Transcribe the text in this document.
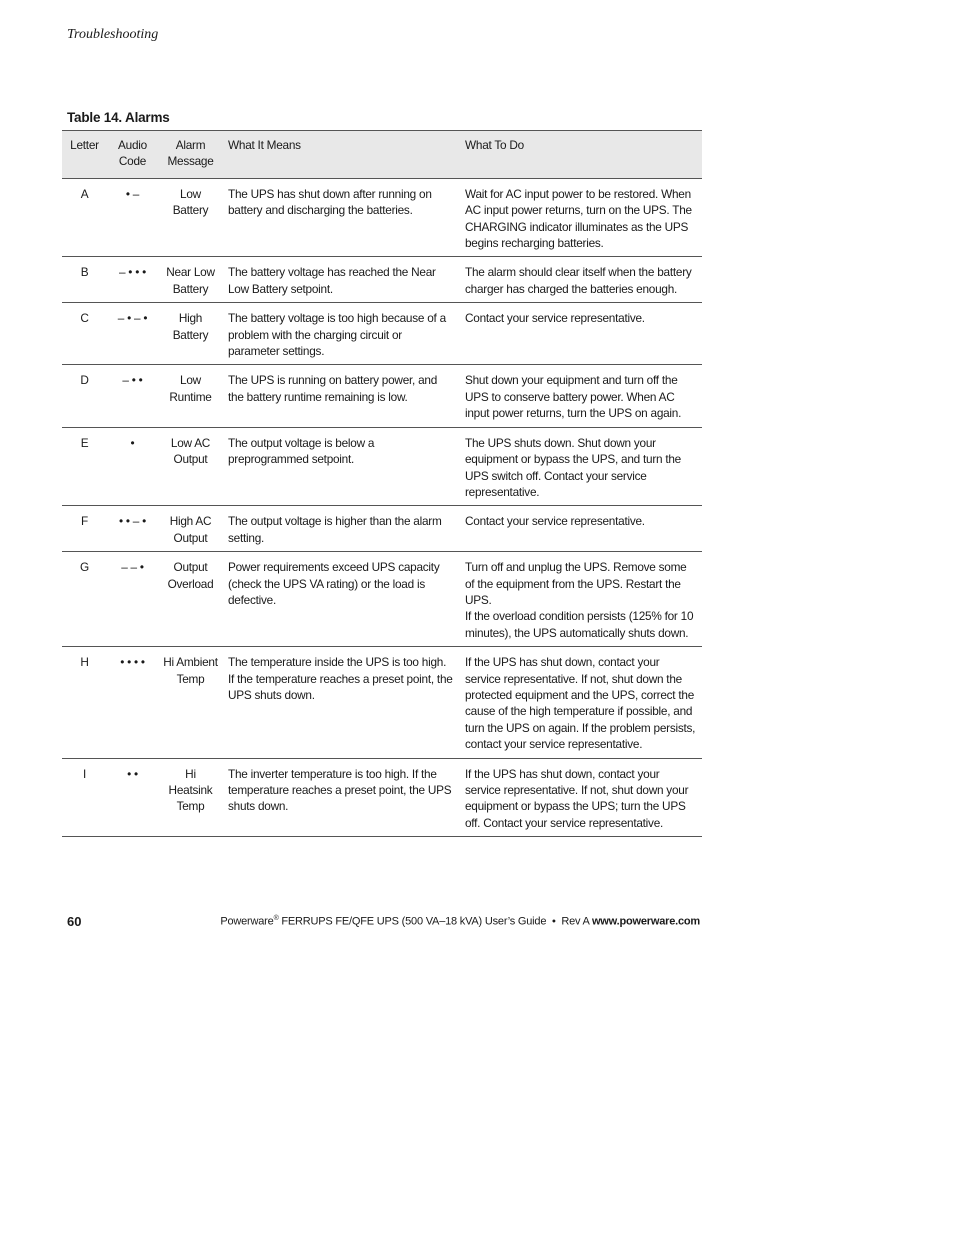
Troubleshooting
Table 14. Alarms
Letter	Audio Code	Alarm Message	What It Means	What To Do
A	• –	Low Battery	The UPS has shut down after running on battery and discharging the batteries.	Wait for AC input power to be restored. When AC input power returns, turn on the UPS. The CHARGING indicator illuminates as the UPS begins recharging batteries.

B	– • • •	Near Low Battery	The battery voltage has reached the Near Low Battery setpoint.	The alarm should clear itself when the battery charger has charged the batteries enough.

C	– • – •	High Battery	The battery voltage is too high because of a problem with the charging circuit or parameter settings.	Contact your service representative.

D	– • •	Low Runtime	The UPS is running on battery power, and the battery runtime remaining is low.	Shut down your equipment and turn off the UPS to conserve battery power. When AC input power returns, turn the UPS on again.

E	•	Low AC Output	The output voltage is below a preprogrammed setpoint.	The UPS shuts down. Shut down your equipment or bypass the UPS, and turn the UPS switch off. Contact your service representative.

F	• • – •	High AC Output	The output voltage is higher than the alarm setting.	Contact your service representative.

G	– – •	Output Overload	Power requirements exceed UPS capacity (check the UPS VA rating) or the load is defective.	Turn off and unplug the UPS. Remove some of the equipment from the UPS. Restart the UPS.
If the overload condition persists (125% for 10 minutes), the UPS automatically shuts down.

H	• • • •	Hi Ambient Temp	The temperature inside the UPS is too high. If the temperature reaches a preset point, the UPS shuts down.	If the UPS has shut down, contact your service representative. If not, shut down the protected equipment and the UPS, correct the cause of the high temperature if possible, and turn the UPS on again. If the problem persists, contact your service representative.

I	• •	Hi Heatsink Temp	The inverter temperature is too high. If the temperature reaches a preset point, the UPS shuts down.	If the UPS has shut down, contact your service representative. If not, shut down your equipment or bypass the UPS; turn the UPS off. Contact your service representative.
60	Powerware® FERRUPS FE/QFE UPS (500 VA–18 kVA) User’s Guide  •  Rev A www.powerware.com
